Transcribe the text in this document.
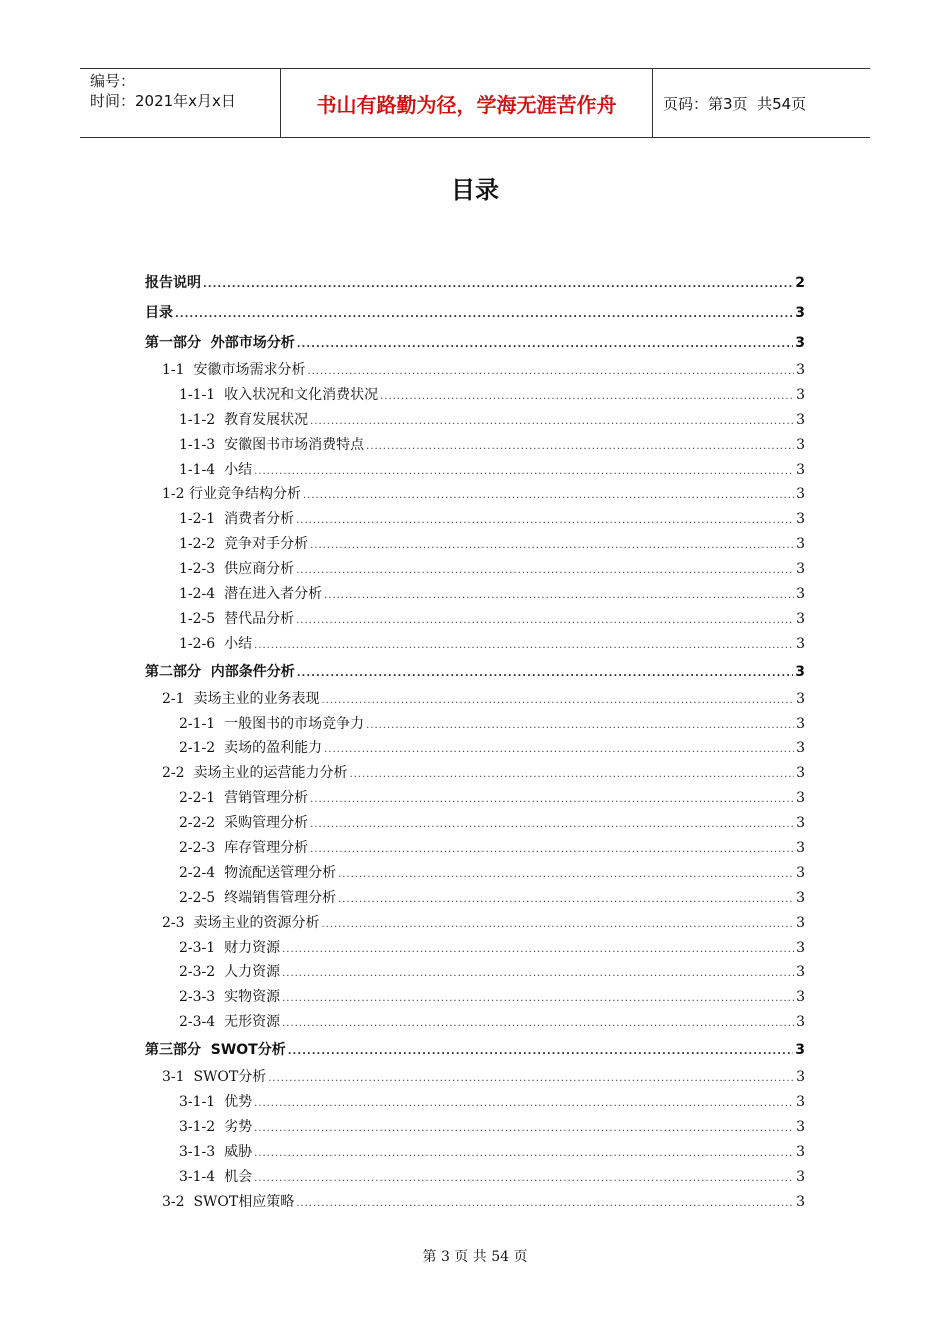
编号：
时间：2021年x月x日	书山有路勤为径，学海无涯苦作舟	页码：第3页  共54页
目录
报告说明 .....	2
目录 .....	3
第一部分  外部市场分析 .....	3
1-1  安徽市场需求分析 .....	3
1-1-1  收入状况和文化消费状况 .....	3
1-1-2  教育发展状况 .....	3
1-1-3  安徽图书市场消费特点 .....	3
1-1-4  小结 .....	3
1-2 行业竞争结构分析 .....	3
1-2-1  消费者分析 .....	3
1-2-2  竞争对手分析 .....	3
1-2-3  供应商分析 .....	3
1-2-4  潜在进入者分析 .....	3
1-2-5  替代品分析 .....	3
1-2-6  小结 .....	3
第二部分  内部条件分析 .....	3
2-1  卖场主业的业务表现 .....	3
2-1-1  一般图书的市场竞争力 .....	3
2-1-2  卖场的盈利能力 .....	3
2-2  卖场主业的运营能力分析 .....	3
2-2-1  营销管理分析 .....	3
2-2-2  采购管理分析 .....	3
2-2-3  库存管理分析 .....	3
2-2-4  物流配送管理分析 .....	3
2-2-5  终端销售管理分析 .....	3
2-3  卖场主业的资源分析 .....	3
2-3-1  财力资源 .....	3
2-3-2  人力资源 .....	3
2-3-3  实物资源 .....	3
2-3-4  无形资源 .....	3
第三部分  SWOT分析 .....	3
3-1  SWOT分析 .....	3
3-1-1  优势 .....	3
3-1-2  劣势 .....	3
3-1-3  威胁 .....	3
3-1-4  机会 .....	3
3-2  SWOT相应策略 .....	3
第 3 页 共 54 页
